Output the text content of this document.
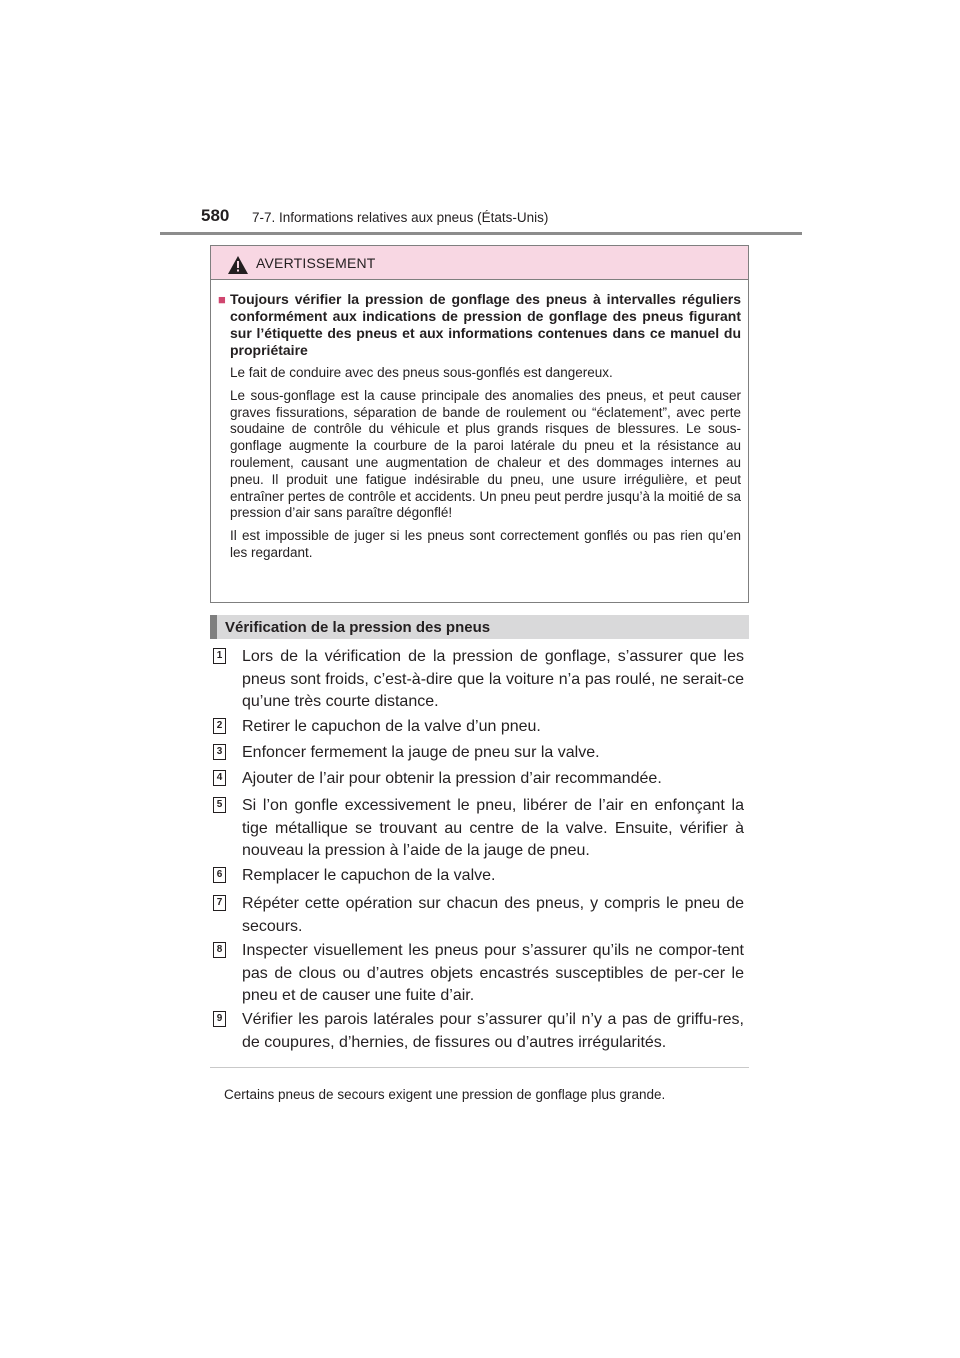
580 7-7. Informations relatives aux pneus (États-Unis)
AVERTISSEMENT
■ Toujours vérifier la pression de gonflage des pneus à intervalles réguliers conformément aux indications de pression de gonflage des pneus figurant sur l’étiquette des pneus et aux informations contenues dans ce manuel du propriétaire

Le fait de conduire avec des pneus sous-gonflés est dangereux.

Le sous-gonflage est la cause principale des anomalies des pneus, et peut causer graves fissurations, séparation de bande de roulement ou “éclatement”, avec perte soudaine de contrôle du véhicule et plus grands risques de blessures. Le sous-gonflage augmente la courbure de la paroi latérale du pneu et la résistance au roulement, causant une augmentation de chaleur et des dommages internes au pneu. Il produit une fatigue indésirable du pneu, une usure irrégulière, et peut entraîner pertes de contrôle et accidents. Un pneu peut perdre jusqu’à la moitié de sa pression d’air sans paraître dégonflé!

Il est impossible de juger si les pneus sont correctement gonflés ou pas rien qu’en les regardant.

Vérification de la pression des pneus
1 Lors de la vérification de la pression de gonflage, s’assurer que les pneus sont froids, c’est-à-dire que la voiture n’a pas roulé, ne serait-ce qu’une très courte distance.
2 Retirer le capuchon de la valve d’un pneu.
3 Enfoncer fermement la jauge de pneu sur la valve.
4 Ajouter de l’air pour obtenir la pression d’air recommandée.
5 Si l’on gonfle excessivement le pneu, libérer de l’air en enfonçant la tige métallique se trouvant au centre de la valve. Ensuite, vérifier à nouveau la pression à l’aide de la jauge de pneu.
6 Remplacer le capuchon de la valve.
7 Répéter cette opération sur chacun des pneus, y compris le pneu de secours.
8 Inspecter visuellement les pneus pour s’assurer qu’ils ne compor-tent pas de clous ou d’autres objets encastrés susceptibles de per-cer le pneu et de causer une fuite d’air.
9 Vérifier les parois latérales pour s’assurer qu’il n’y a pas de griffu-res, de coupures, d’hernies, de fissures ou d’autres irrégularités.

Certains pneus de secours exigent une pression de gonflage plus grande.
